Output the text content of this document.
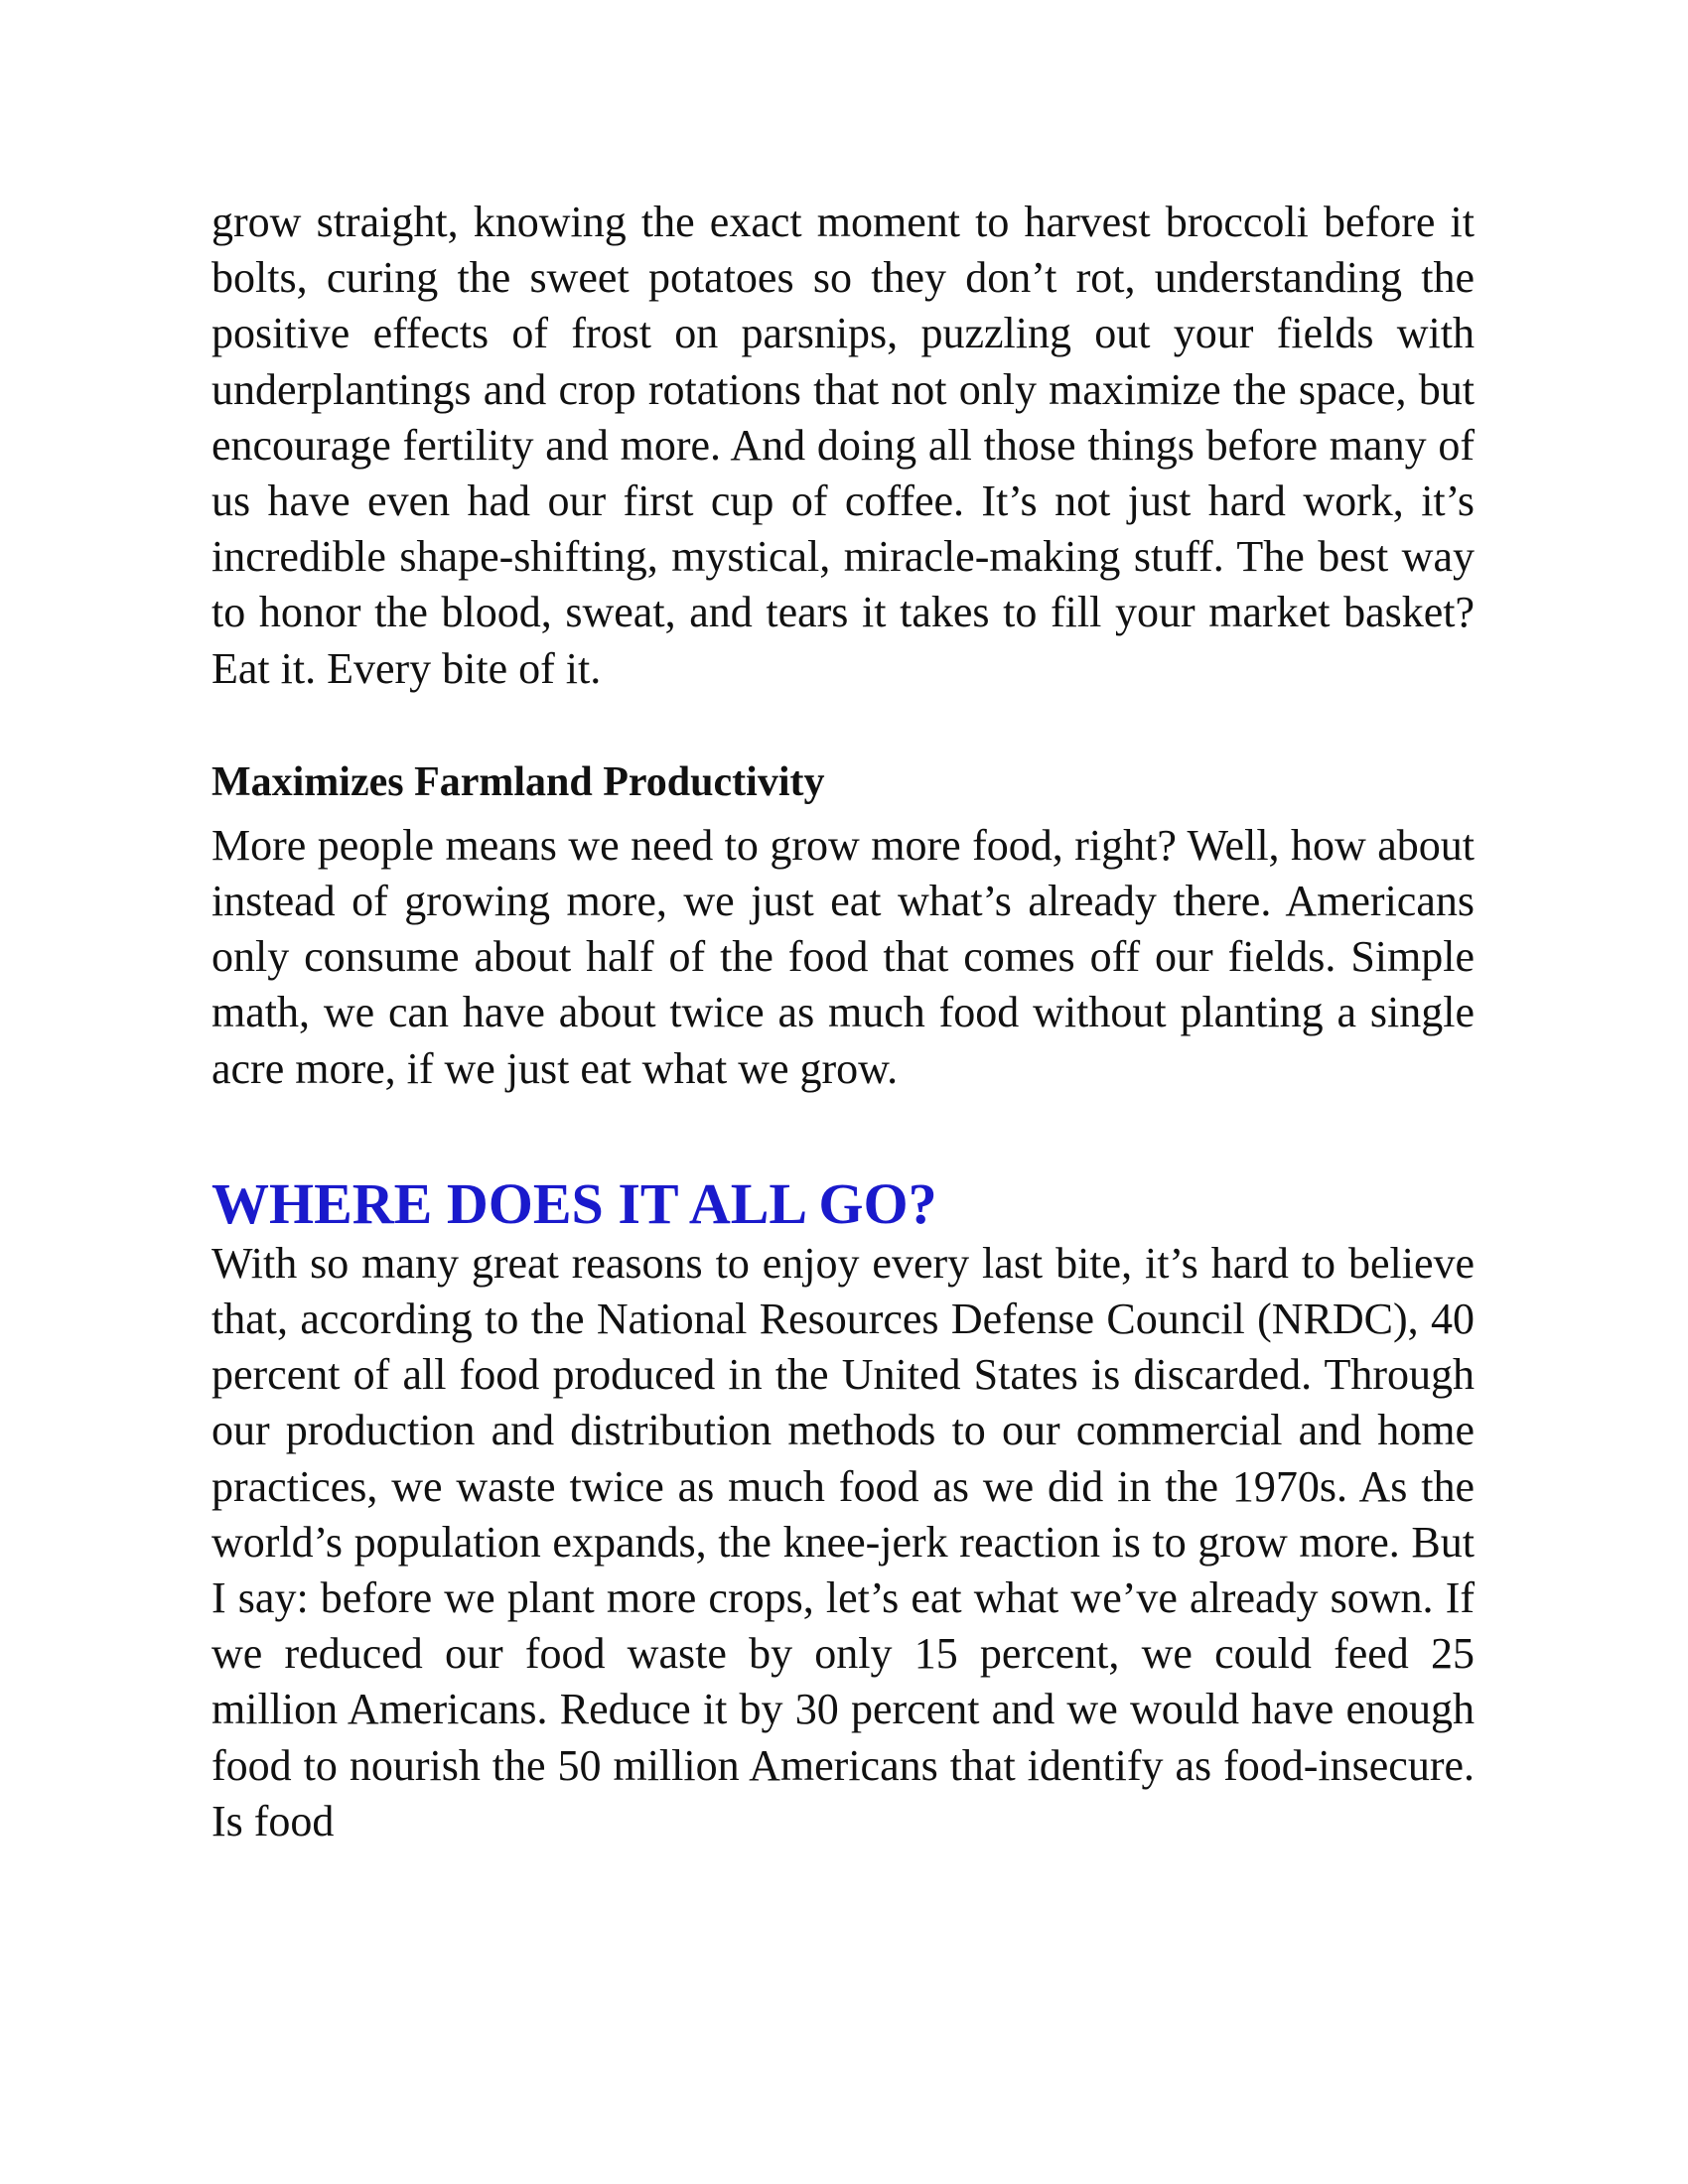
grow straight, knowing the exact moment to harvest broccoli before it bolts, curing the sweet potatoes so they don’t rot, understanding the positive effects of frost on parsnips, puzzling out your fields with underplantings and crop rotations that not only maximize the space, but encourage fertility and more. And doing all those things before many of us have even had our first cup of coffee. It’s not just hard work, it’s incredible shape-shifting, mystical, miracle-making stuff. The best way to honor the blood, sweat, and tears it takes to fill your market basket? Eat it. Every bite of it.

Maximizes Farmland Productivity

More people means we need to grow more food, right? Well, how about instead of growing more, we just eat what’s already there. Americans only consume about half of the food that comes off our fields. Simple math, we can have about twice as much food without planting a single acre more, if we just eat what we grow.

WHERE DOES IT ALL GO?

With so many great reasons to enjoy every last bite, it’s hard to believe that, according to the National Resources Defense Council (NRDC), 40 percent of all food produced in the United States is discarded. Through our production and distribution methods to our commercial and home practices, we waste twice as much food as we did in the 1970s. As the world’s population expands, the knee-jerk reaction is to grow more. But I say: before we plant more crops, let’s eat what we’ve already sown. If we reduced our food waste by only 15 percent, we could feed 25 million Americans. Reduce it by 30 percent and we would have enough food to nourish the 50 million Americans that identify as food-insecure. Is food
